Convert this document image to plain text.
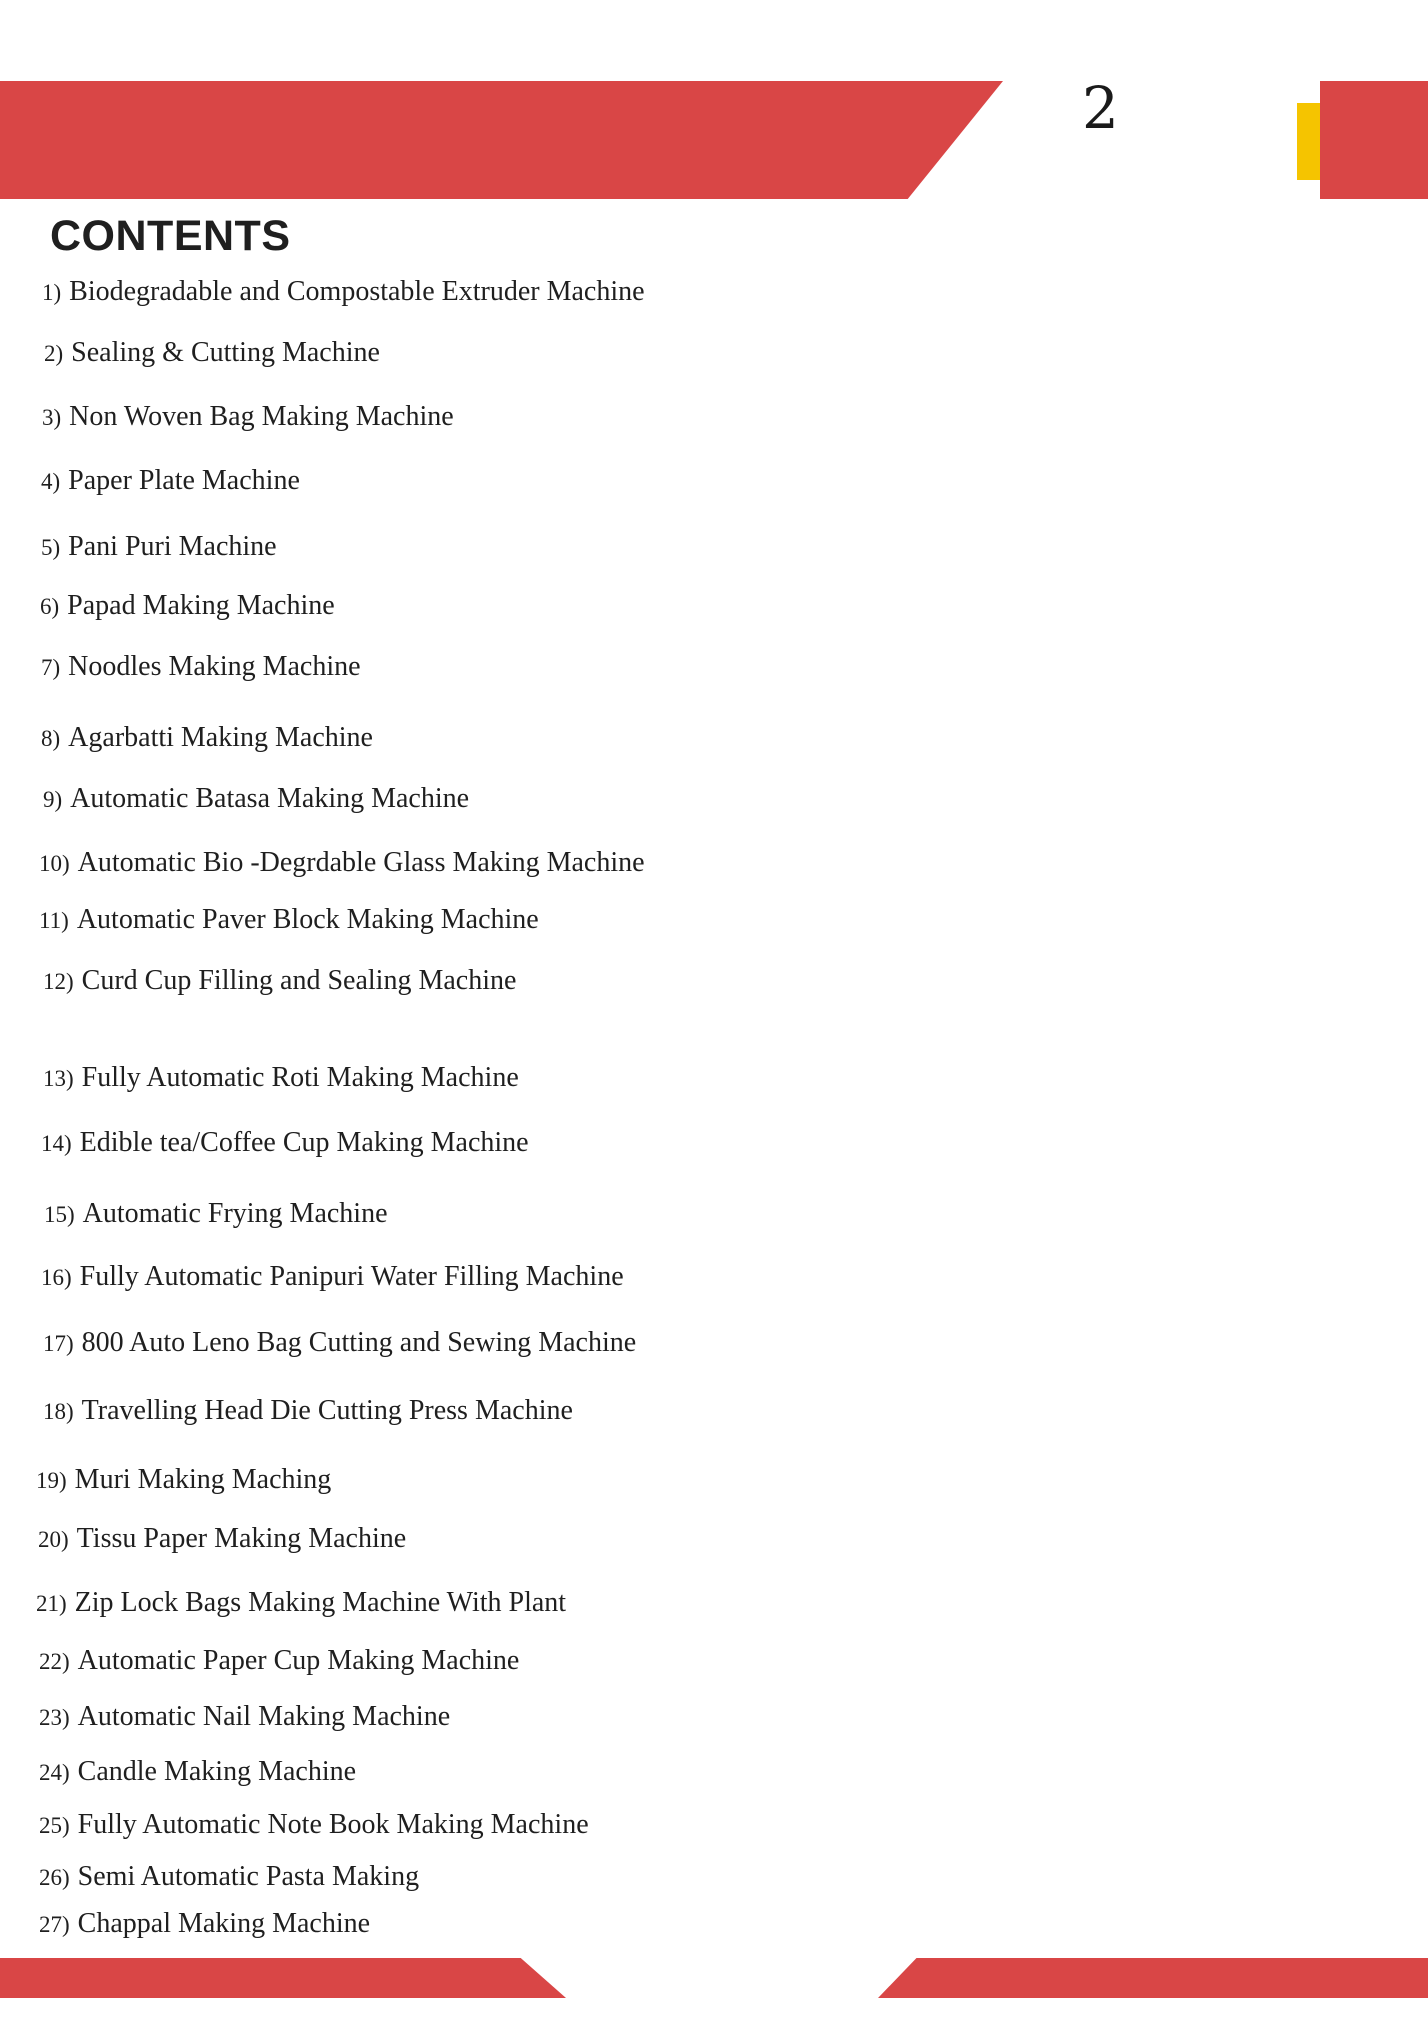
2
CONTENTS
1) Biodegradable and Compostable Extruder Machine
2) Sealing & Cutting Machine
3) Non Woven Bag Making Machine
4) Paper Plate Machine
5) Pani Puri Machine
6) Papad Making Machine
7) Noodles Making Machine
8) Agarbatti Making Machine
9) Automatic Batasa Making Machine
10) Automatic Bio -Degrdable Glass Making Machine
11) Automatic Paver Block Making Machine
12) Curd Cup Filling and Sealing Machine
13) Fully Automatic Roti Making Machine
14) Edible tea/Coffee Cup Making Machine
15) Automatic Frying Machine
16) Fully Automatic Panipuri Water Filling Machine
17) 800 Auto Leno Bag Cutting and Sewing Machine
18) Travelling Head Die Cutting Press Machine
19) Muri Making Maching
20) Tissu Paper Making Machine
21) Zip Lock Bags Making Machine With Plant
22) Automatic Paper Cup Making Machine
23) Automatic Nail Making Machine
24) Candle Making Machine
25) Fully Automatic Note Book Making Machine
26) Semi Automatic Pasta Making
27) Chappal Making Machine
